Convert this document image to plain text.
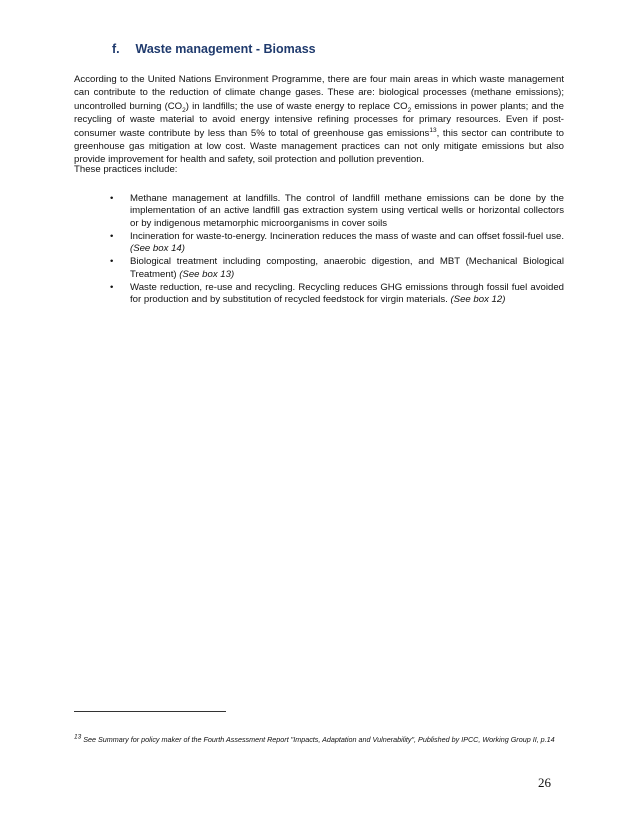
f. Waste management - Biomass
According to the United Nations Environment Programme, there are four main areas in which waste management can contribute to the reduction of climate change gases. These are: biological processes (methane emissions); uncontrolled burning $(CO_2)$ in landfills; the use of waste energy to replace $CO_2$ emissions in power plants; and the recycling of waste material to avoid energy intensive refining processes for primary resources. Even if post-consumer waste contribute by less than 5% to total of greenhouse gas emissions$^{13}$, this sector can contribute to greenhouse gas mitigation at low cost. Waste management practices can not only mitigate emissions but also provide improvement for health and safety, soil protection and pollution prevention.
These practices include:
• Methane management at landfills. The control of landfill methane emissions can be done by the implementation of an active landfill gas extraction system using vertical wells or horizontal collectors or by indigenous metamorphic microorganisms in cover soils
• Incineration for waste-to-energy. Incineration reduces the mass of waste and can offset fossil-fuel use. (See box 14)
• Biological treatment including composting, anaerobic digestion, and MBT (Mechanical Biological Treatment) (See box 13)
• Waste reduction, re-use and recycling. Recycling reduces GHG emissions through fossil fuel avoided for production and by substitution of recycled feedstock for virgin materials. (See box 12)
$^{13}$ See Summary for policy maker of the Fourth Assessment Report "Impacts, Adaptation and Vulnerability", Published by IPCC, Working Group II, p.14
26
